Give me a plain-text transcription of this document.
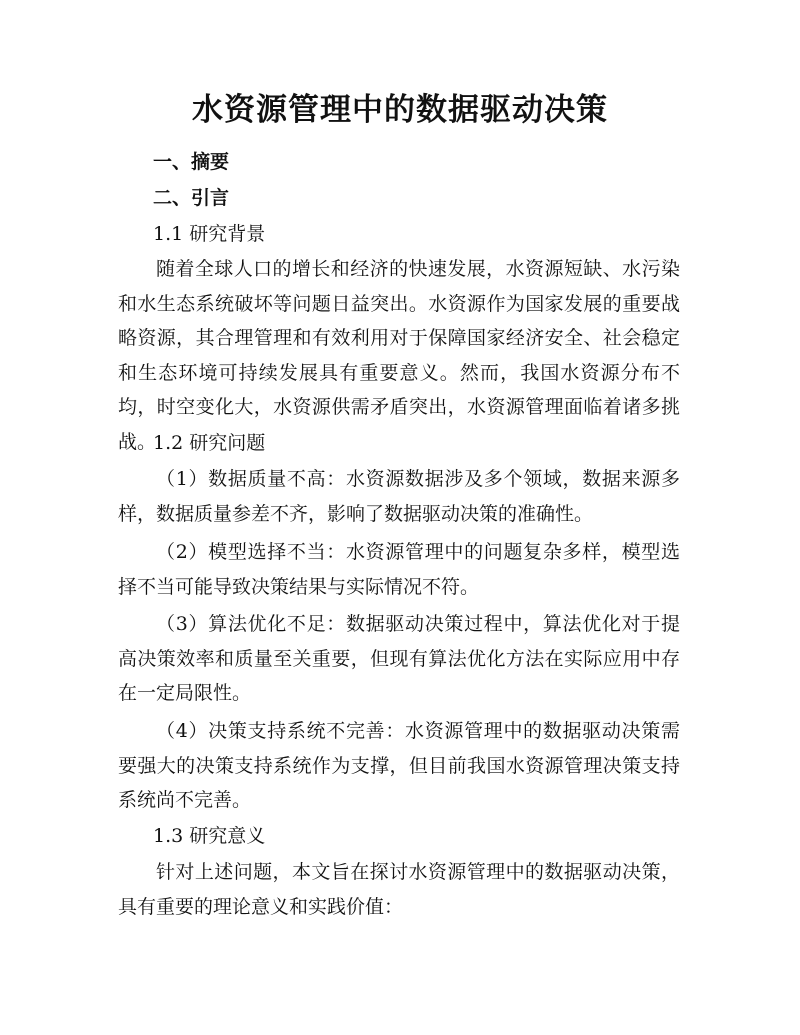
水资源管理中的数据驱动决策
一、摘要
二、引言
1.1 研究背景

随着全球人口的增长和经济的快速发展，水资源短缺、水污染和水生态系统破坏等问题日益突出。水资源作为国家发展的重要战略资源，其合理管理和有效利用对于保障国家经济安全、社会稳定和生态环境可持续发展具有重要意义。然而，我国水资源分布不均，时空变化大，水资源供需矛盾突出，水资源管理面临着诸多挑战。

1.2 研究问题

（1）数据质量不高：水资源数据涉及多个领域，数据来源多样，数据质量参差不齐，影响了数据驱动决策的准确性。

（2）模型选择不当：水资源管理中的问题复杂多样，模型选择不当可能导致决策结果与实际情况不符。

（3）算法优化不足：数据驱动决策过程中，算法优化对于提高决策效率和质量至关重要，但现有算法优化方法在实际应用中存在一定局限性。

（4）决策支持系统不完善：水资源管理中的数据驱动决策需要强大的决策支持系统作为支撑，但目前我国水资源管理决策支持系统尚不完善。

1.3 研究意义

针对上述问题，本文旨在探讨水资源管理中的数据驱动决策，具有重要的理论意义和实践价值：
